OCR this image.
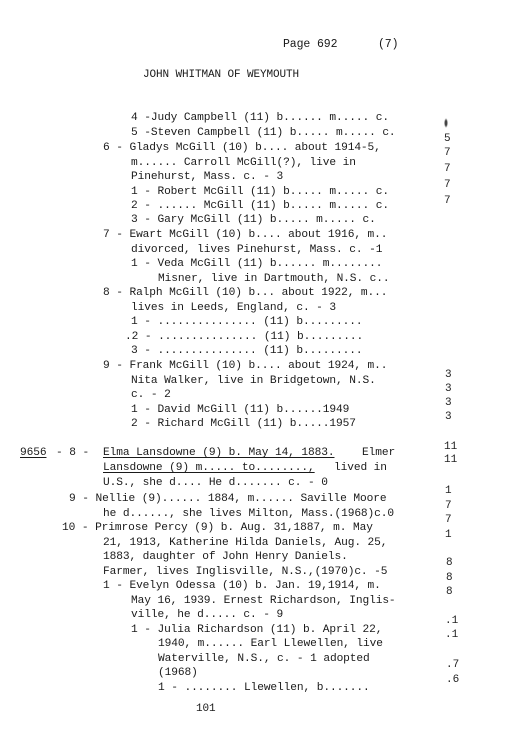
Page 692	(7)
JOHN WHITMAN OF WEYMOUTH
4 -Judy Campbell (11) b...... m..... c.
5 -Steven Campbell (11) b..... m..... c.
6 - Gladys McGill (10) b.... about 1914-5,
m...... Carroll McGill(?), live in
Pinehurst, Mass. c. - 3
1 - Robert McGill (11) b..... m..... c.
2 - ...... McGill (11) b..... m..... c.
3 - Gary McGill (11) b..... m..... c.
7 - Ewart McGill (10) b.... about 1916, m..
divorced, lives Pinehurst, Mass. c. -1
1 - Veda McGill (11) b...... m........
Misner, live in Dartmouth, N.S. c..
8 - Ralph McGill (10) b... about 1922, m...
lives in Leeds, England, c. - 3
1 - ............... (11) b.........
.2 - ............... (11) b.........
3 - ............... (11) b.........
9 - Frank McGill (10) b.... about 1924, m..
Nita Walker, live in Bridgetown, N.S.
c. - 2
1 - David McGill (11) b......1949
2 - Richard McGill (11) b.....1957
9656 - 8 - Elma Lansdowne (9) b. May 14, 1883. Elmer
Lansdowne (9) m..... to........, lived in
U.S., she d.... He d....... c. - 0
9 - Nellie (9)...... 1884, m...... Saville Moore
he d......, she lives Milton, Mass.(1968)c.0
10 - Primrose Percy (9) b. Aug. 31,1887, m. May
21, 1913, Katherine Hilda Daniels, Aug. 25,
1883, daughter of John Henry Daniels.
Farmer, lives Inglisville, N.S.,(1970)c. -5
1 - Evelyn Odessa (10) b. Jan. 19,1914, m.
May 16, 1939. Ernest Richardson, Inglis-
ville, he d..... c. - 9
1 - Julia Richardson (11) b. April 22,
1940, m...... Earl Llewellen, live
Waterville, N.S., c. - 1 adopted
(1968)
1 - ........ Llewellen, b.......
101
5
7
7
7
7
3
3
3
3
11
11
1
7
7
1
8
8
8
.1
.1
.7
.6
